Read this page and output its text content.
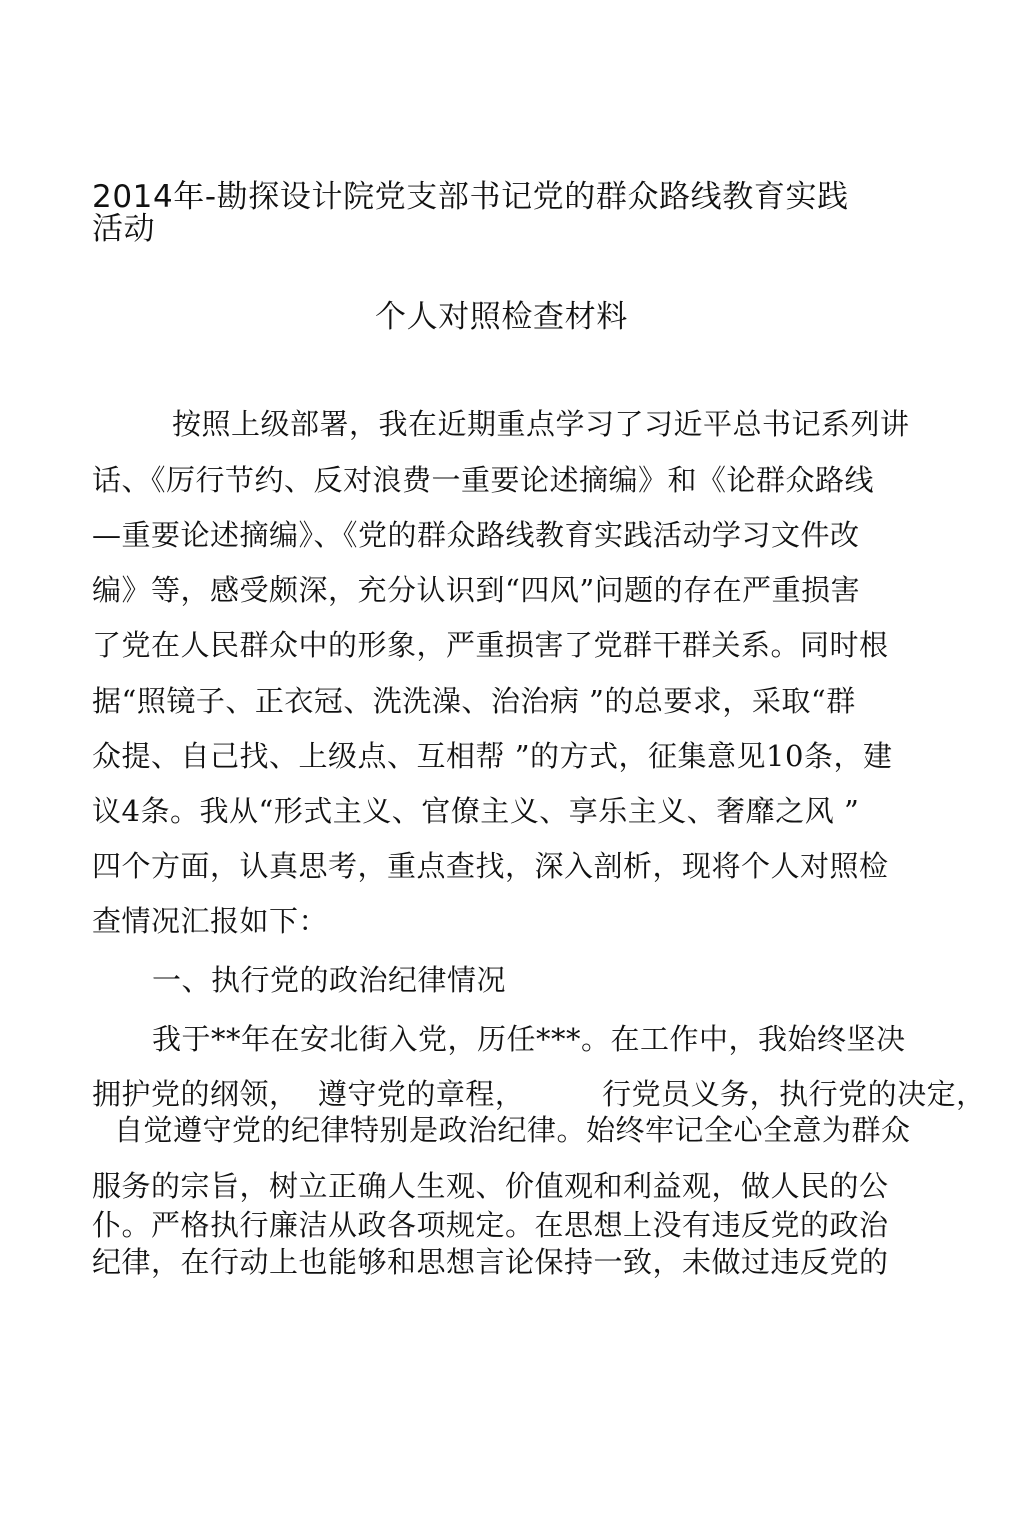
2014年-勘探设计院党支部书记党的群众路线教育实践
活动
个人对照检查材料
按照上级部署，我在近期重点学习了习近平总书记系列讲
话、《厉行节约、反对浪费一重要论述摘编》和《论群众路线
—重要论述摘编》、《党的群众路线教育实践活动学习文件改
编》等，感受颇深，充分认识到“四风”问题的存在严重损害
了党在人民群众中的形象，严重损害了党群干群关系。同时根
据“照镜子、正衣冠、洗洗澡、治治病 ”的总要求，采取“群
众提、自己找、上级点、互相帮 ”的方式，征集意见10条，建
议4条。我从“形式主义、官僚主义、享乐主义、奢靡之风 ”
四个方面，认真思考，重点查找，深入剖析，现将个人对照检
查情况汇报如下：
一、执行党的政治纪律情况
我于**年在安北街入党，历任***。在工作中，我始终坚决
拥护党的纲领，  遵守党的章程，        行党员义务，执行党的决定，
自觉遵守党的纪律特别是政治纪律。始终牢记全心全意为群众
服务的宗旨，树立正确人生观、价值观和利益观，做人民的公
仆。严格执行廉洁从政各项规定。在思想上没有违反党的政治
纪律，在行动上也能够和思想言论保持一致，未做过违反党的
